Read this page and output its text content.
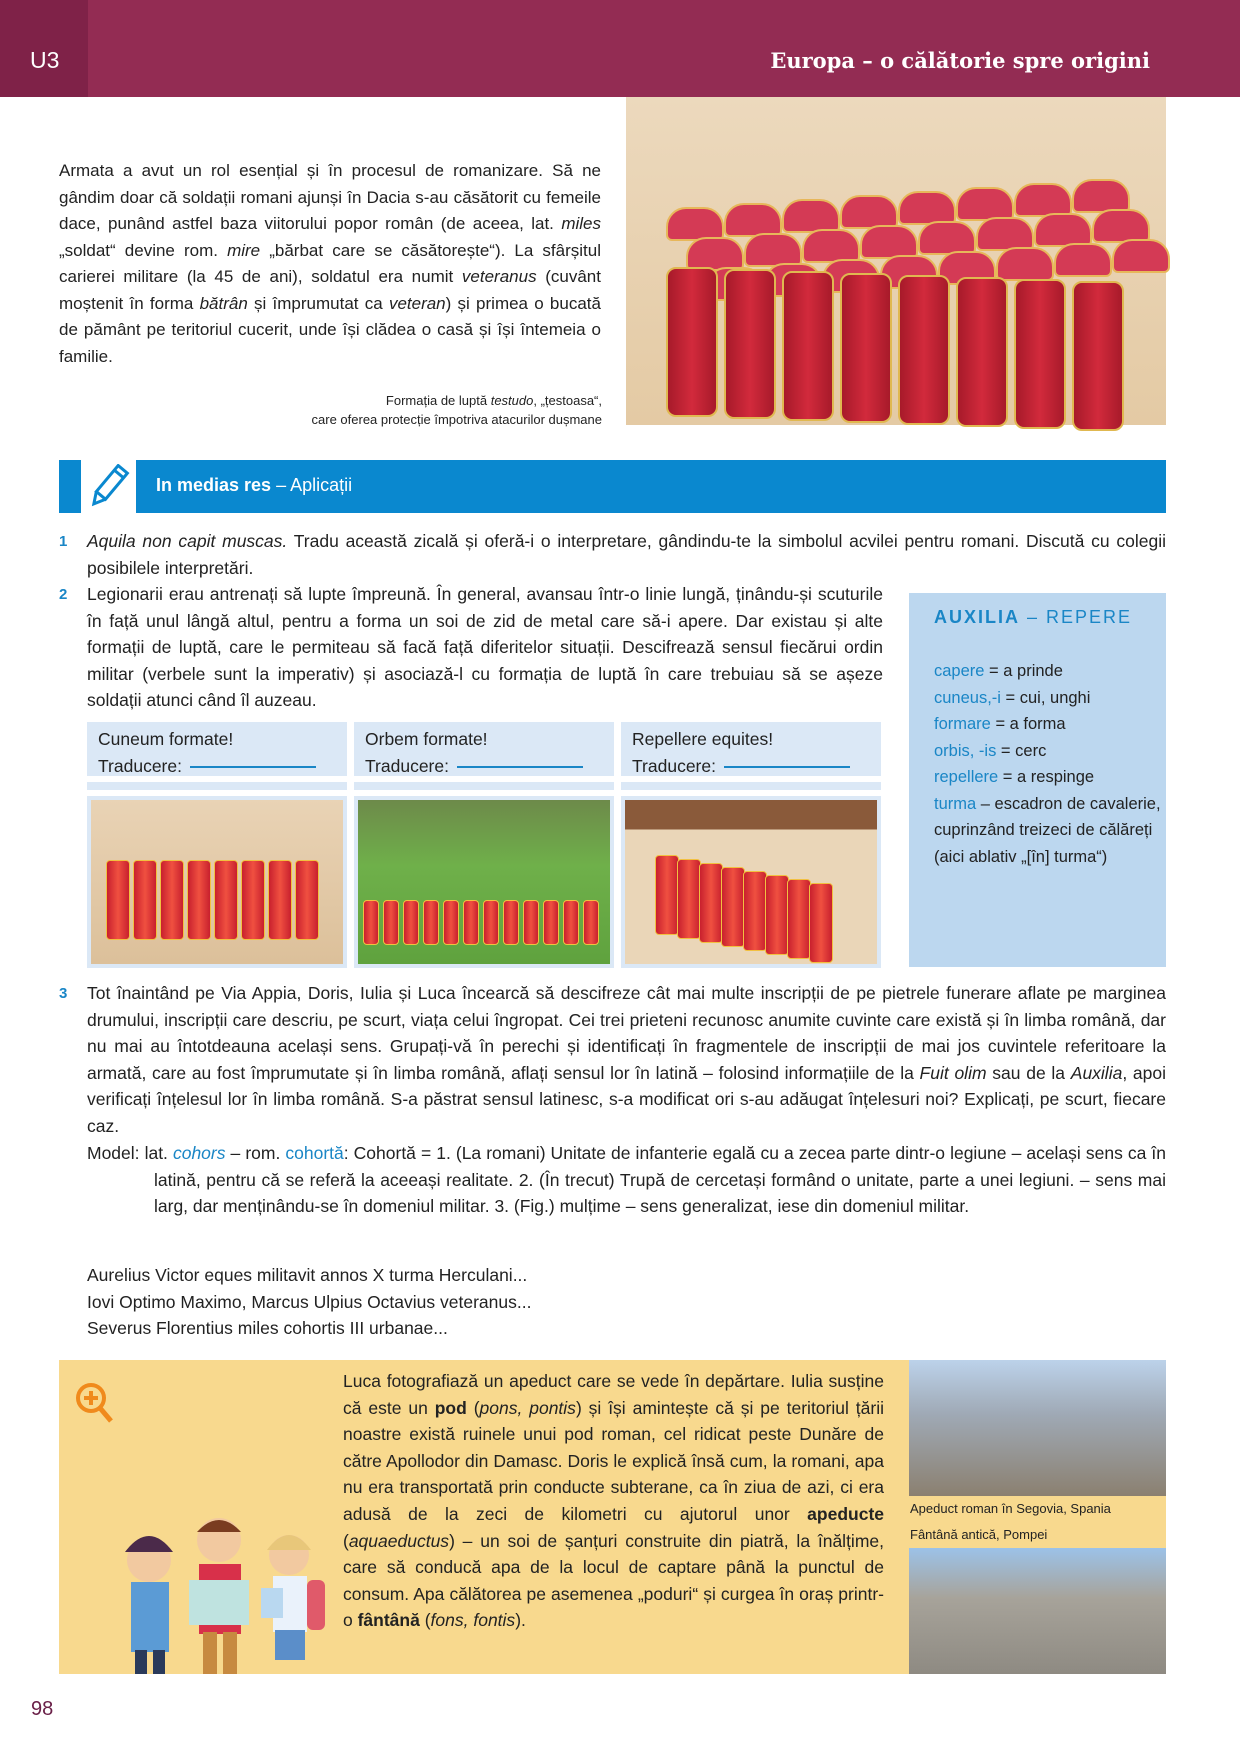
U3	Europa – o călătorie spre origini
Armata a avut un rol esențial și în procesul de romanizare. Să ne gândim doar că soldații romani ajunși în Dacia s-au căsătorit cu femeile dace, punând astfel baza viitorului popor român (de aceea, lat. miles „soldat“ devine rom. mire „bărbat care se căsătorește“). La sfârșitul carierei militare (la 45 de ani), soldatul era numit veteranus (cuvânt moștenit în forma bătrân și împrumutat ca veteran) și primea o bucată de pământ pe teritoriul cucerit, unde își clădea o casă și își întemeia o familie.
Formația de luptă testudo, „țestoasa“,
care oferea protecție împotriva atacurilor dușmane
In medias res – Aplicații
1 Aquila non capit muscas. Tradu această zicală și oferă-i o interpretare, gândindu-te la simbolul acvilei pentru romani. Discută cu colegii posibilele interpretări.
2 Legionarii erau antrenați să lupte împreună. În general, avansau într-o linie lungă, ținându-și scuturile în față unul lângă altul, pentru a forma un soi de zid de metal care să-i apere. Dar existau și alte formații de luptă, care le permiteau să facă față diferitelor situații. Descifrează sensul fiecărui ordin militar (verbele sunt la imperativ) și asociază-l cu formația de luptă în care trebuiau să se așeze soldații atunci când îl auzeau.
AUXILIA – REPERE
capere = a prinde
cuneus,-i = cui, unghi
formare = a forma
orbis, -is = cerc
repellere = a respinge
turma – escadron de cavalerie, cuprinzând treizeci de călăreți (aici ablativ „[în] turma“)
Cuneum formate!
Traducere:
Orbem formate!
Traducere:
Repellere equites!
Traducere:
3 Tot înaintând pe Via Appia, Doris, Iulia și Luca încearcă să descifreze cât mai multe inscripții de pe pietrele funerare aflate pe marginea drumului, inscripții care descriu, pe scurt, viața celui îngropat. Cei trei prieteni recunosc anumite cuvinte care există și în limba română, dar nu mai au întotdeauna același sens. Grupați-vă în perechi și identificați în fragmentele de inscripții de mai jos cuvintele referitoare la armată, care au fost împrumutate și în limba română, aflați sensul lor în latină – folosind informațiile de la Fuit olim sau de la Auxilia, apoi verificați înțelesul lor în limba română. S-a păstrat sensul latinesc, s-a modificat ori s-au adăugat înțelesuri noi? Explicați, pe scurt, fiecare caz.
Model: lat. cohors – rom. cohortă: Cohortă = 1. (La romani) Unitate de infanterie egală cu a zecea parte dintr-o legiune – același sens ca în latină, pentru că se referă la aceeași realitate. 2. (În trecut) Trupă de cercetași formând o unitate, parte a unei legiuni. – sens mai larg, dar menținându-se în domeniul militar. 3. (Fig.) mulțime – sens generalizat, iese din domeniul militar.
Aurelius Victor eques militavit annos X turma Herculani...
Iovi Optimo Maximo, Marcus Ulpius Octavius veteranus...
Severus Florentius miles cohortis III urbanae...
Luca fotografiază un apeduct care se vede în depărtare. Iulia susține că este un pod (pons, pontis) și își amintește că și pe teritoriul țării noastre există ruinele unui pod roman, cel ridicat peste Dunăre de către Apollodor din Damasc. Doris le explică însă cum, la romani, apa nu era transportată prin conducte subterane, ca în ziua de azi, ci era adusă de la zeci de kilometri cu ajutorul unor apeducte (aquaeductus) – un soi de șanțuri construite din piatră, la înălțime, care să conducă apa de la locul de captare până la punctul de consum. Apa călătorea pe asemenea „poduri“ și curgea în oraș printr-o fântână (fons, fontis).
Apeduct roman în Segovia, Spania
Fântână antică, Pompei
98
